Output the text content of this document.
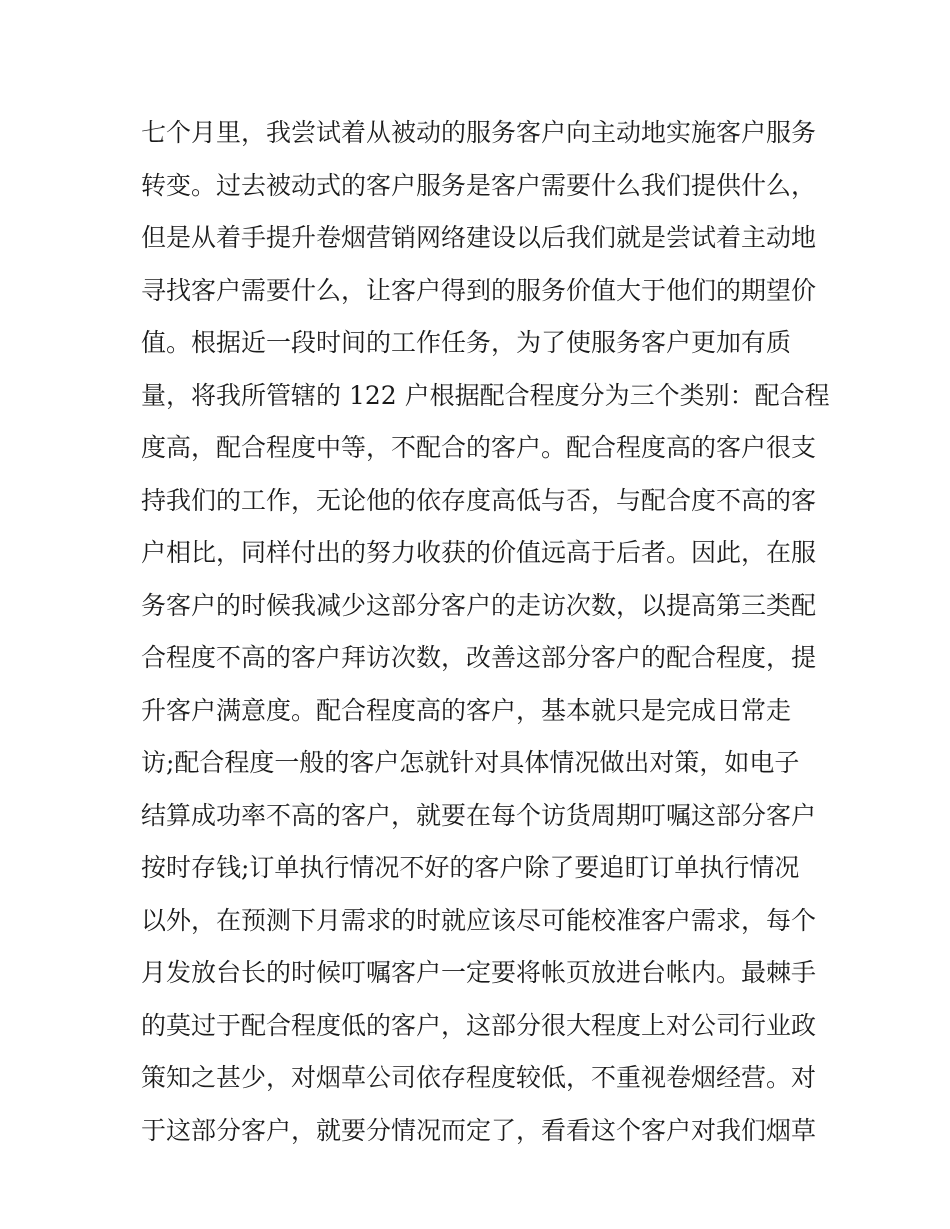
七个月里，我尝试着从被动的服务客户向主动地实施客户服务
转变。过去被动式的客户服务是客户需要什么我们提供什么，
但是从着手提升卷烟营销网络建设以后我们就是尝试着主动地
寻找客户需要什么，让客户得到的服务价值大于他们的期望价
值。根据近一段时间的工作任务，为了使服务客户更加有质
量，将我所管辖的 122 户根据配合程度分为三个类别：配合程
度高，配合程度中等，不配合的客户。配合程度高的客户很支
持我们的工作，无论他的依存度高低与否，与配合度不高的客
户相比，同样付出的努力收获的价值远高于后者。因此，在服
务客户的时候我减少这部分客户的走访次数，以提高第三类配
合程度不高的客户拜访次数，改善这部分客户的配合程度，提
升客户满意度。配合程度高的客户，基本就只是完成日常走
访;配合程度一般的客户怎就针对具体情况做出对策，如电子
结算成功率不高的客户，就要在每个访货周期叮嘱这部分客户
按时存钱;订单执行情况不好的客户除了要追盯订单执行情况
以外，在预测下月需求的时就应该尽可能校准客户需求，每个
月发放台长的时候叮嘱客户一定要将帐页放进台帐内。最棘手
的莫过于配合程度低的客户，这部分很大程度上对公司行业政
策知之甚少，对烟草公司依存程度较低，不重视卷烟经营。对
于这部分客户，就要分情况而定了，看看这个客户对我们烟草
